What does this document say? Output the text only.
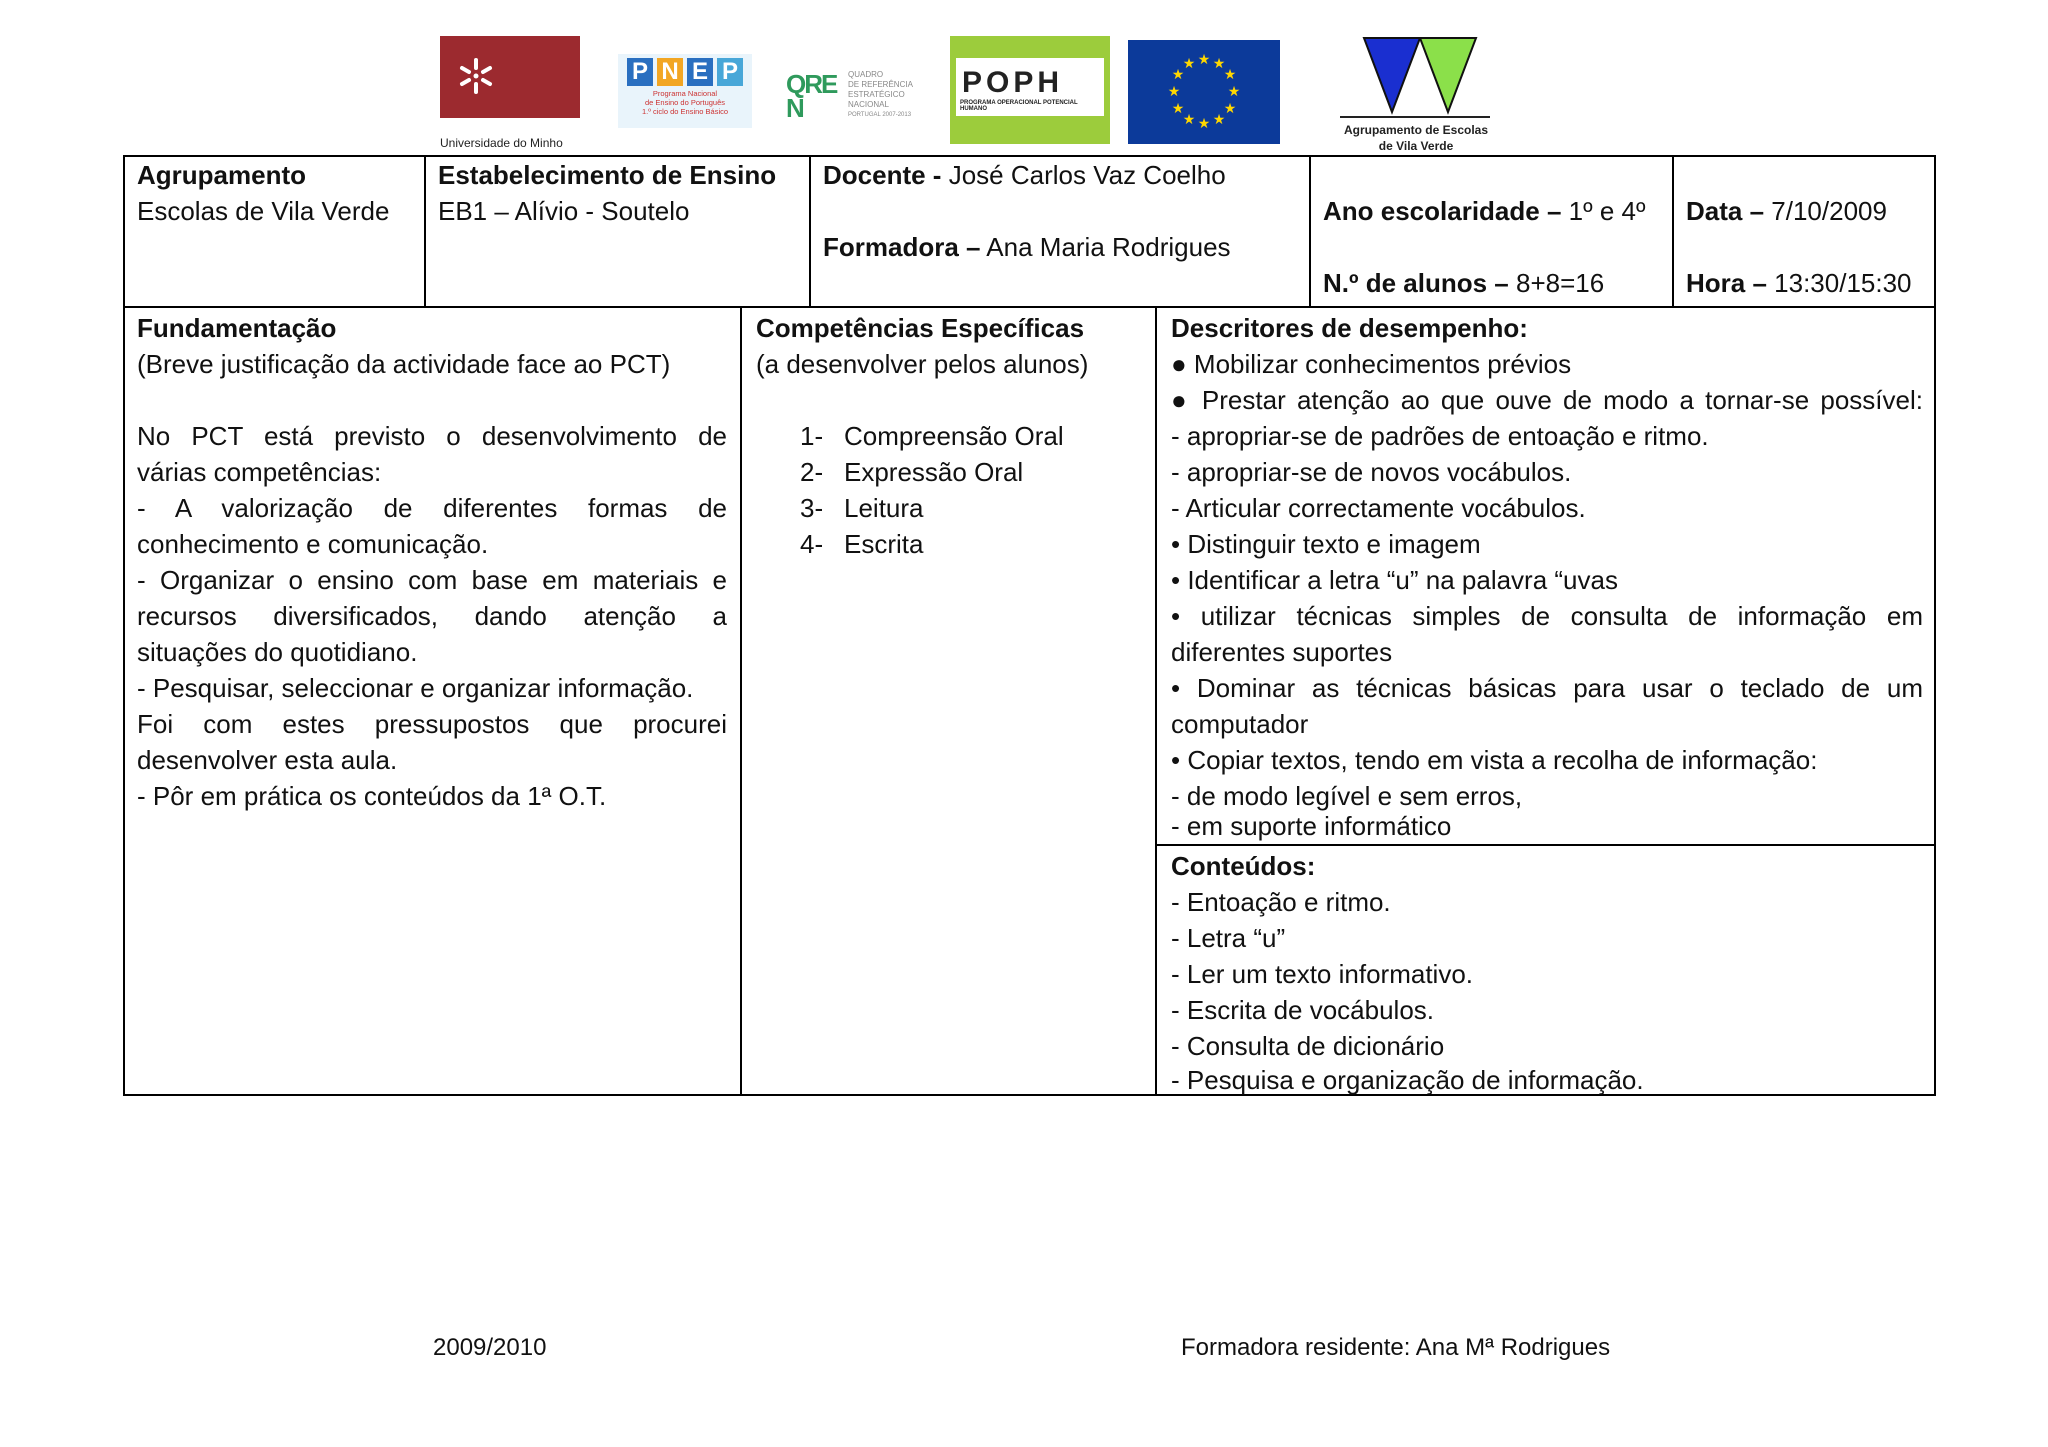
Universidade do Minho
P N E P
Programa Nacional
de Ensino do Português
1.º ciclo do Ensino Básico
QREN
QUADRO
DE REFERÊNCIA
ESTRATÉGICO
NACIONAL
PORTUGAL 2007-2013
POPH
PROGRAMA OPERACIONAL POTENCIAL HUMANO
★ ★
★
★
★
★
★
★
★
★
★
★
Agrupamento de Escolas
de Vila Verde
Agrupamento
Escolas de Vila Verde
Estabelecimento de Ensino
EB1 – Alívio - Soutelo
Docente - José Carlos Vaz Coelho
Formadora – Ana Maria Rodrigues
Ano escolaridade – 1º e 4º
N.º de alunos – 8+8=16
Data – 7/10/2009
Hora – 13:30/15:30
Fundamentação
(Breve justificação da actividade face ao PCT)
No PCT está previsto o desenvolvimento de
várias competências:
- A valorização de diferentes formas de
conhecimento e comunicação.
- Organizar o ensino com base em materiais e
recursos diversificados, dando atenção a
situações do quotidiano.
- Pesquisar, seleccionar e organizar informação.
Foi com estes pressupostos que procurei
desenvolver esta aula.
- Pôr em prática os conteúdos da 1ª O.T.
Competências Específicas
(a desenvolver pelos alunos)
1- Compreensão Oral
2- Expressão Oral
3- Leitura
4- Escrita
Descritores de desempenho:
● Mobilizar conhecimentos prévios
● Prestar atenção ao que ouve de modo a tornar-se possível:
- apropriar-se de padrões de entoação e ritmo.
- apropriar-se de novos vocábulos.
- Articular correctamente vocábulos.
• Distinguir texto e imagem
• Identificar a letra “u” na palavra “uvas
• utilizar técnicas simples de consulta de informação em
diferentes suportes
• Dominar as técnicas básicas para usar o teclado de um
computador
• Copiar textos, tendo em vista a recolha de informação:
- de modo legível e sem erros,
- em suporte informático
Conteúdos:
- Entoação e ritmo.
- Letra “u”
- Ler um texto informativo.
- Escrita de vocábulos.
- Consulta de dicionário
- Pesquisa e organização de informação.
2009/2010	Formadora residente: Ana Mª Rodrigues
